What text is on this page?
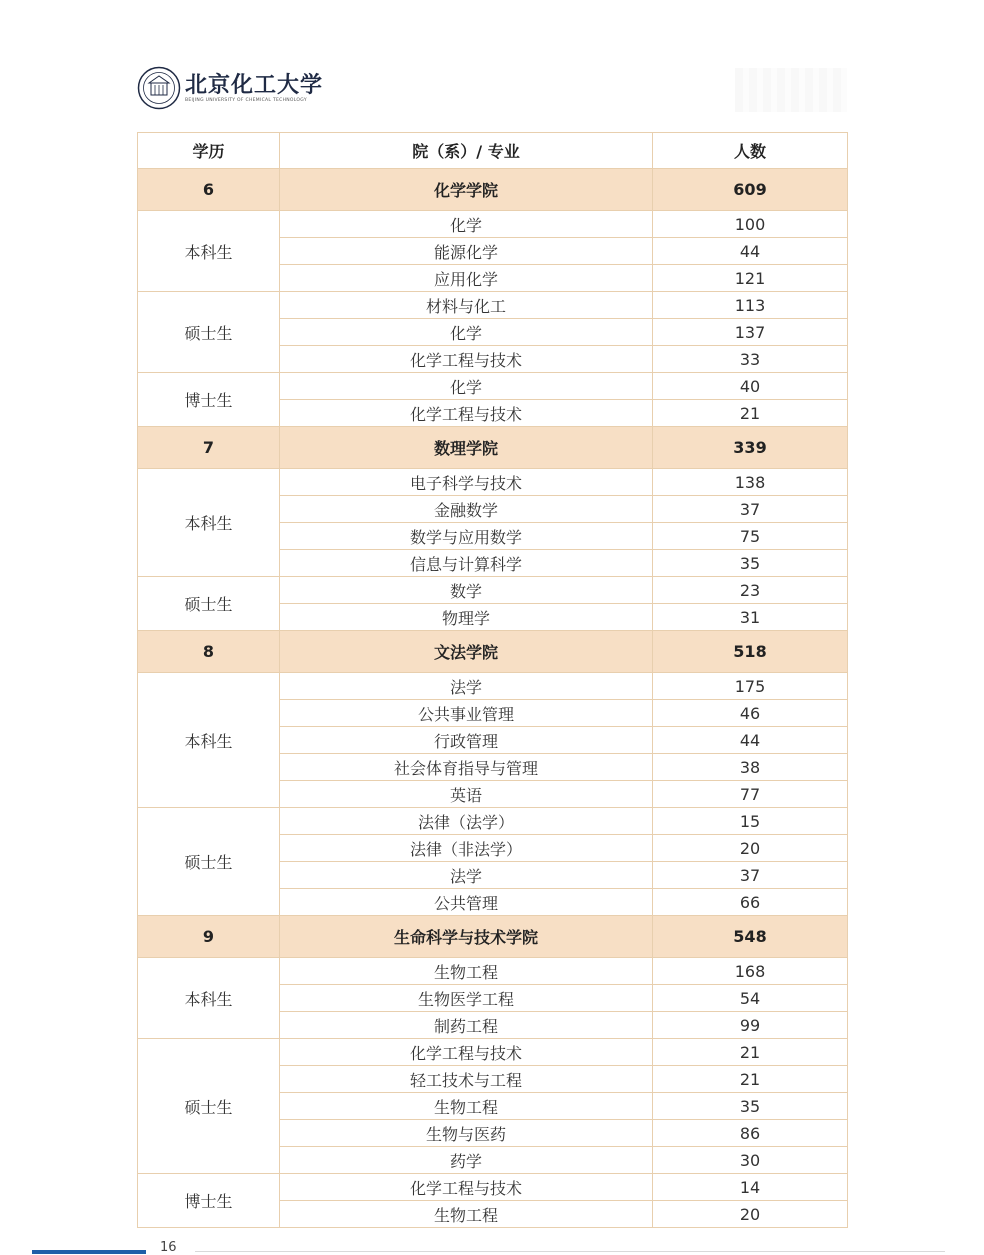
北京化工大学
BEIJING UNIVERSITY OF CHEMICAL TECHNOLOGY
学历	院（系）/ 专业	人数
6	化学学院	609
本科生	化学	100
	能源化学	44
	应用化学	121
硕士生	材料与化工	113
	化学	137
	化学工程与技术	33
博士生	化学	40
	化学工程与技术	21
7	数理学院	339
本科生	电子科学与技术	138
	金融数学	37
	数学与应用数学	75
	信息与计算科学	35
硕士生	数学	23
	物理学	31
8	文法学院	518
本科生	法学	175
	公共事业管理	46
	行政管理	44
	社会体育指导与管理	38
	英语	77
硕士生	法律（法学）	15
	法律（非法学）	20
	法学	37
	公共管理	66
9	生命科学与技术学院	548
本科生	生物工程	168
	生物医学工程	54
	制药工程	99
硕士生	化学工程与技术	21
	轻工技术与工程	21
	生物工程	35
	生物与医药	86
	药学	30
博士生	化学工程与技术	14
	生物工程	20
16
